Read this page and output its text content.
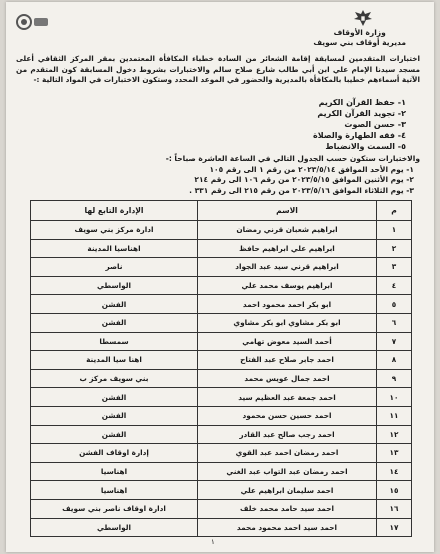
وزارة الأوقاف
مديرية أوقاف بني سويف
اختبارات المتقدمين لمسابقة إقامة الشعائر من السادة خطباء المكافأة المعتمدين بمقر المركز الثقافي أعلى مسجد سيدنا الإمام علي ابن أبي طالب شارع صلاح سالم والاختبارات بشروط دخول المسابقة كون المتقدم من الآتية أسماءهم خطيبا بالمكافأة بالمديرية والحضور في الموعد المحدد وستكون الاختبارات في المواد التالية :-
١- حفظ القرآن الكريم
٢- تجويد القرآن الكريم
٣- حسن الصوت
٤- فقه الطهارة والصلاة
٥- السمت والانضباط
والاختبارات ستكون حسب الجدول التالي في الساعة العاشرة صباحاً :-
١- يوم الأحد الموافق ٢٠٢٣/٥/١٤ من رقم ١ الى رقم ١٠٥
٢- يوم الأثنين الموافق ٢٠٢٣/٥/١٥ من رقم ١٠٦ الى رقم ٢١٤
٣- يوم الثلاثاء الموافق ٢٠٢٣/٥/١٦ من رقم ٢١٥ الى رقم ٣٣١ .
م	الاسم	الإدارة التابع لها
١	ابراهيم شعبان قرني رمضان	ادارة مركز بني سويف
٢	ابراهيم علي ابراهيم حافظ	اهناسيا المدينة
٣	ابراهيم قرني سيد عبد الجواد	ناصر
٤	ابراهيم يوسف محمد علي	الواسطي
٥	ابو بكر احمد محمود احمد	الفشن
٦	ابو بكر مشاوي ابو بكر مشاوي	الفشن
٧	أحمد السيد معوض تهامي	سمسطا
٨	احمد جابر صلاح عبد الفتاح	اهنا سيا المدينة
٩	احمد جمال عويس محمد	بني سويف مركز ب
١٠	احمد جمعة عبد العظيم سيد	الفشن
١١	احمد حسين حسن محمود	الفشن
١٢	احمد رجب صالح عبد القادر	الفشن
١٣	احمد رمضان احمد عبد القوي	إدارة اوقاف الفشن
١٤	احمد رمضان عبد التواب عبد الغني	اهناسيا
١٥	احمد سليمان ابراهيم علي	اهناسيا
١٦	احمد سيد حامد محمد خلف	ادارة اوقاف ناصر بني سويف
١٧	احمد سيد احمد محمود محمد	الواسطي
١
